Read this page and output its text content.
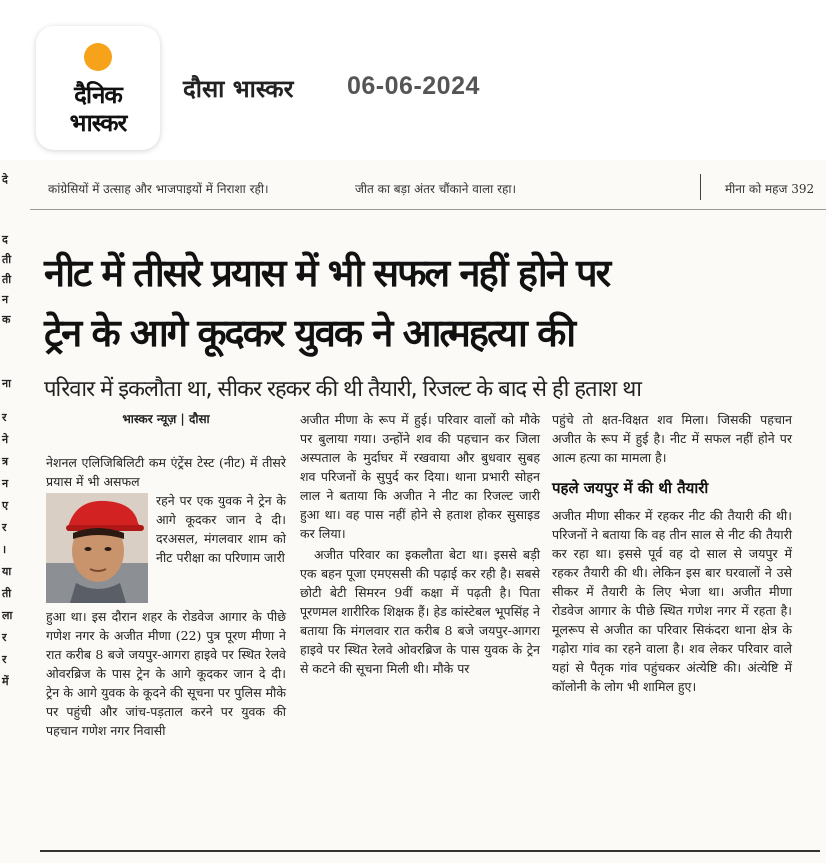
दैनिक
भास्कर
दौसा भास्कर 06-06-2024
दे
द
ती
ती
न
क
ना
र
ने
त्र
न
ए
र
।
या
ती
ला
र
र
में
कांग्रेसियों में उत्साह और भाजपाइयों में निराशा रही।	जीत का बड़ा अंतर चौंकाने वाला रहा।	मीना को महज 392
नीट में तीसरे प्रयास में भी सफल नहीं होने पर
ट्रेन के आगे कूदकर युवक ने आत्महत्या की
परिवार में इकलौता था, सीकर रहकर की थी तैयारी, रिजल्ट के बाद से ही हताश था
भास्कर न्यूज़ | दौसा

नेशनल एलिजिबिलिटी कम एंट्रेंस टेस्ट (नीट) में तीसरे प्रयास में भी असफल

रहने पर एक युवक ने ट्रेन के आगे कूदकर जान दे दी। दरअसल, मंगलवार शाम को नीट परीक्षा का परिणाम जारी

हुआ था। इस दौरान शहर के रोडवेज आगार के पीछे गणेश नगर के अजीत मीणा (22) पुत्र पूरण मीणा ने रात करीब 8 बजे जयपुर-आगरा हाइवे पर स्थित रेलवे ओवरब्रिज के पास ट्रेन के आगे कूदकर जान दे दी। ट्रेन के आगे युवक के कूदने की सूचना पर पुलिस मौके पर पहुंची और जांच-पड़ताल करने पर युवक की पहचान गणेश नगर निवासी

अजीत मीणा के रूप में हुई। परिवार वालों को मौके पर बुलाया गया। उन्होंने शव की पहचान कर जिला अस्पताल के मुर्दाघर में रखवाया और बुधवार सुबह शव परिजनों के सुपुर्द कर दिया। थाना प्रभारी सोहन लाल ने बताया कि अजीत ने नीट का रिजल्ट जारी हुआ था। वह पास नहीं होने से हताश होकर सुसाइड कर लिया।

अजीत परिवार का इकलौता बेटा था। इससे बड़ी एक बहन पूजा एमएससी की पढ़ाई कर रही है। सबसे छोटी बेटी सिमरन 9वीं कक्षा में पढ़ती है। पिता पूरणमल शारीरिक शिक्षक हैं। हेड कांस्टेबल भूपसिंह ने बताया कि मंगलवार रात करीब 8 बजे जयपुर-आगरा हाइवे पर स्थित रेलवे ओवरब्रिज के पास युवक के ट्रेन से कटने की सूचना मिली थी। मौके पर

पहुंचे तो क्षत-विक्षत शव मिला। जिसकी पहचान अजीत के रूप में हुई है। नीट में सफल नहीं होने पर आत्म हत्या का मामला है।

पहले जयपुर में की थी तैयारी

अजीत मीणा सीकर में रहकर नीट की तैयारी की थी। परिजनों ने बताया कि वह तीन साल से नीट की तैयारी कर रहा था। इससे पूर्व वह दो साल से जयपुर में रहकर तैयारी की थी। लेकिन इस बार घरवालों ने उसे सीकर में तैयारी के लिए भेजा था। अजीत मीणा रोडवेज आगार के पीछे स्थित गणेश नगर में रहता है। मूलरूप से अजीत का परिवार सिकंदरा थाना क्षेत्र के गढ़ोरा गांव का रहने वाला है। शव लेकर परिवार वाले यहां से पैतृक गांव पहुंचकर अंत्येष्टि की। अंत्येष्टि में कॉलोनी के लोग भी शामिल हुए।
